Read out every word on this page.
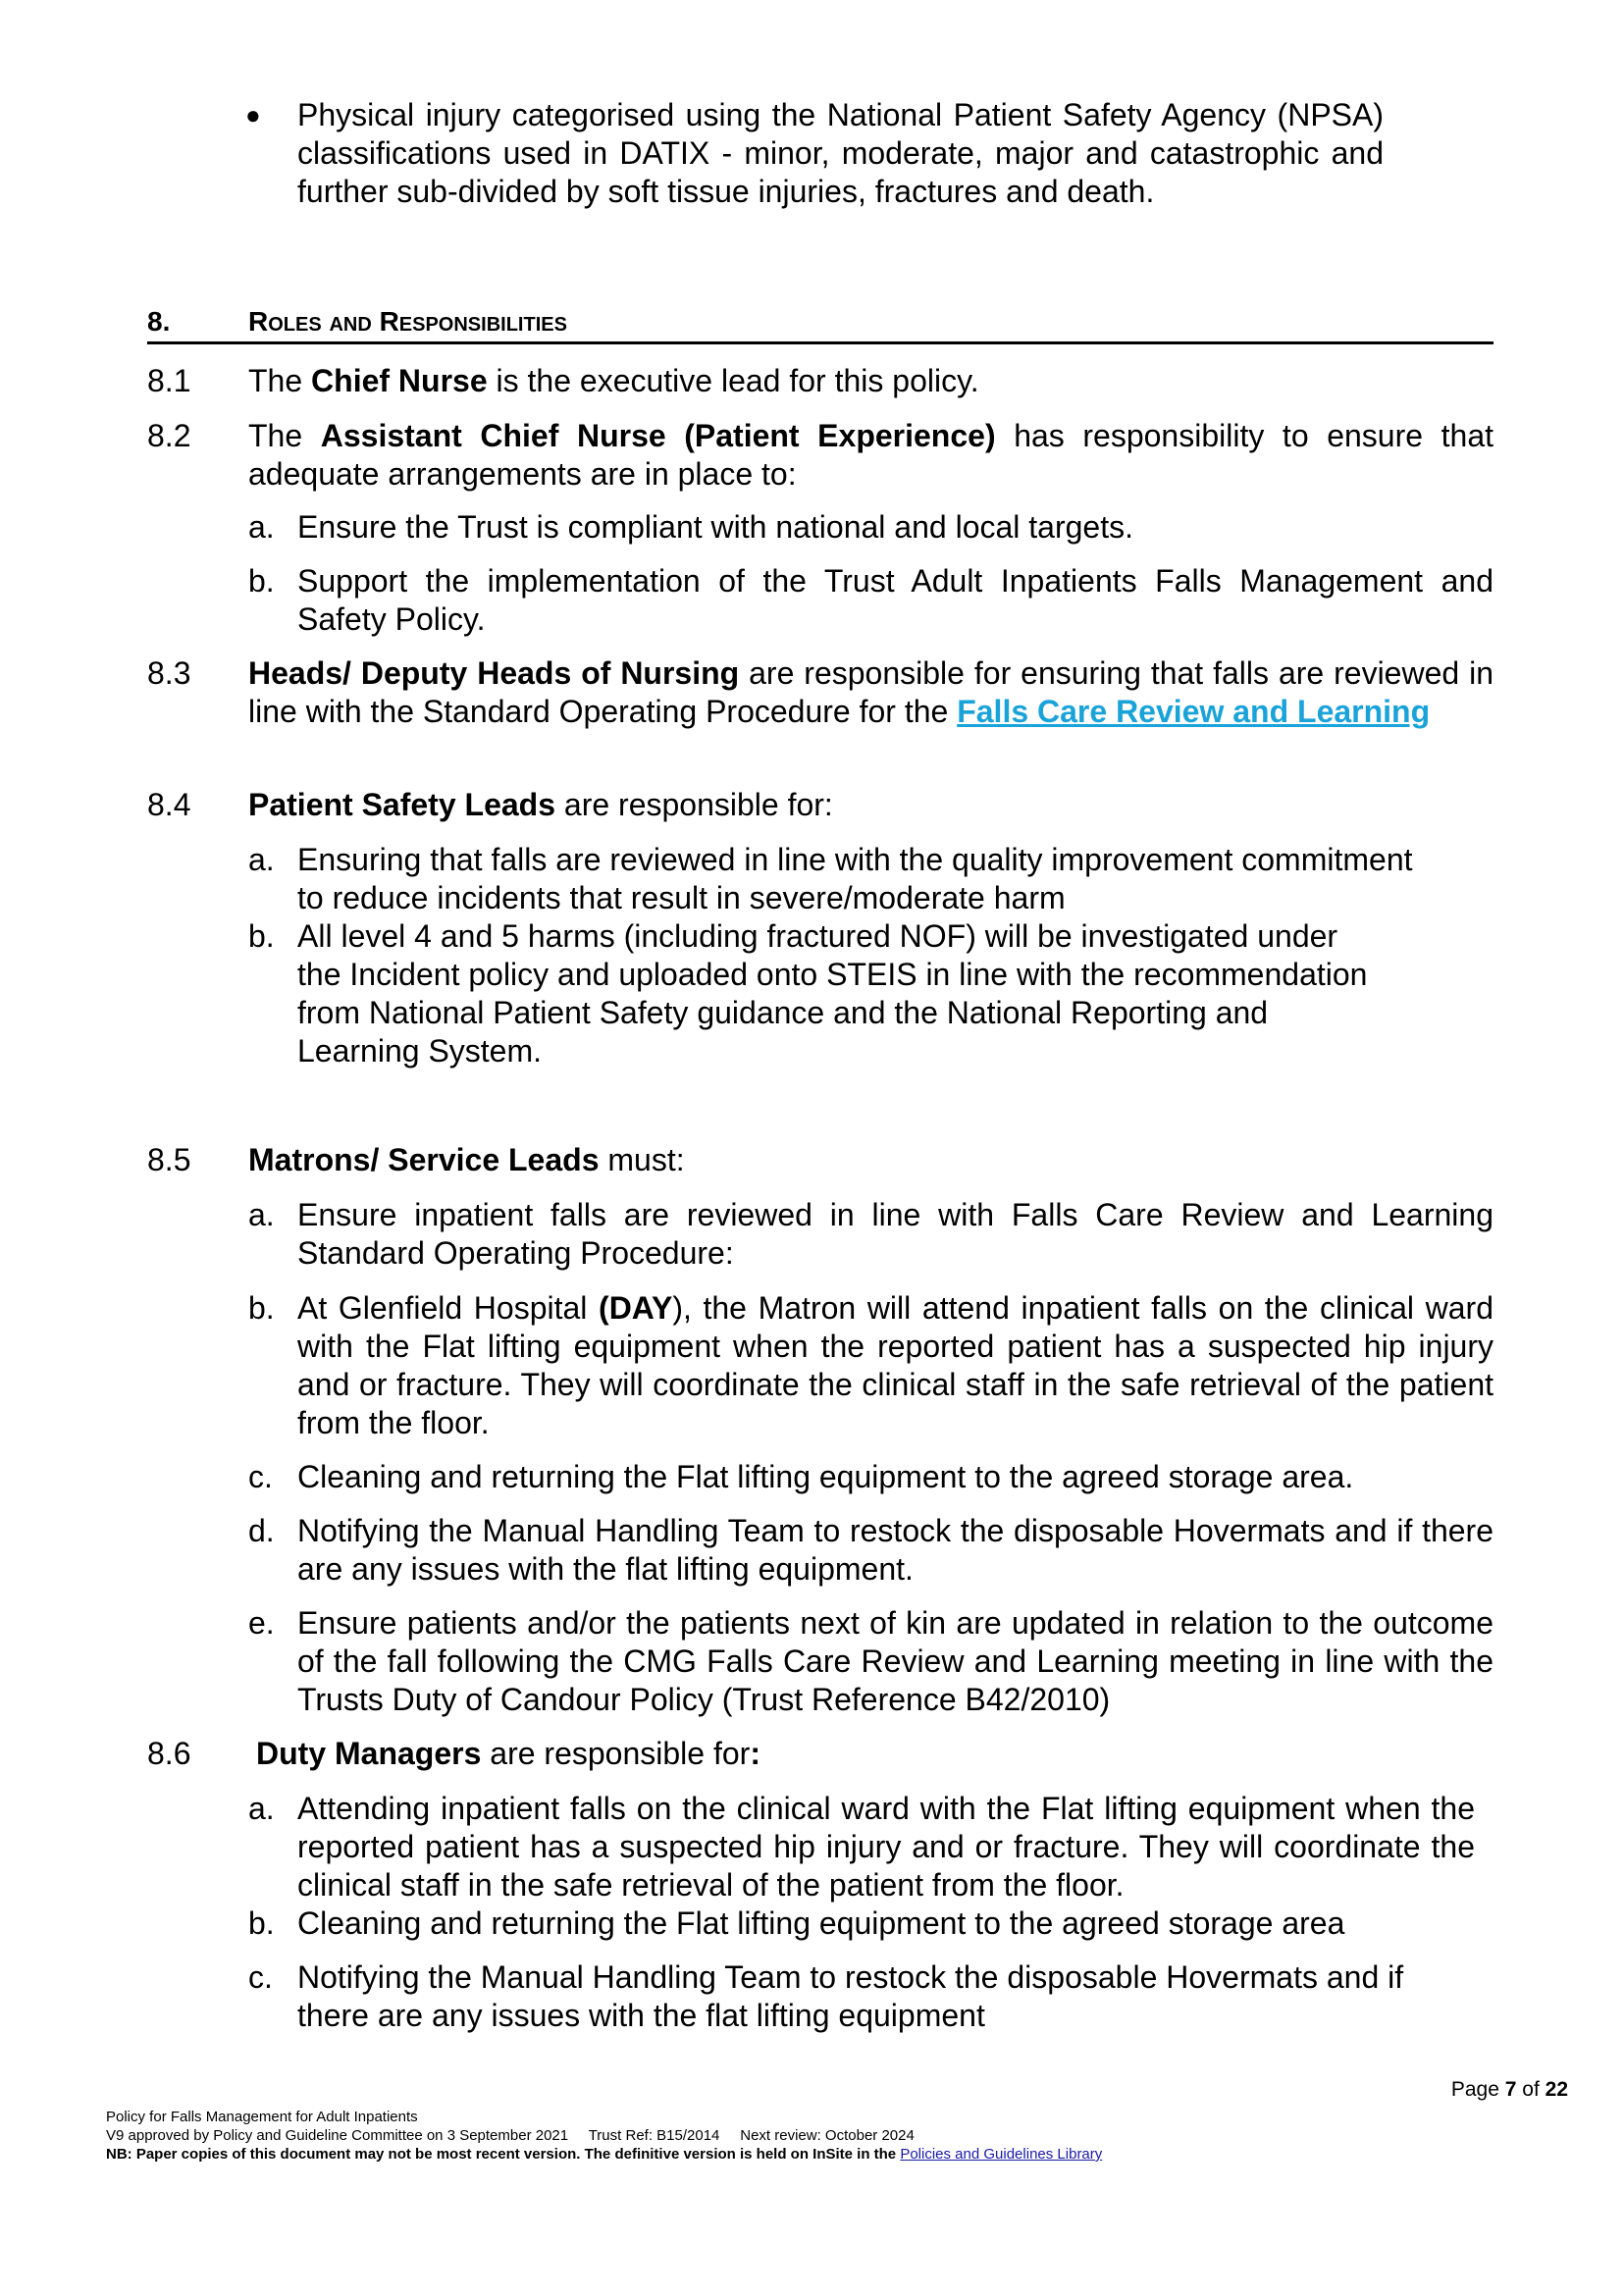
●	Physical injury categorised using the National Patient Safety Agency (NPSA) classifications used in DATIX - minor, moderate, major and catastrophic and further sub-divided by soft tissue injuries, fractures and death.
8.	Roles and Responsibilities
8.1	The Chief Nurse is the executive lead for this policy.
8.2	The Assistant Chief Nurse (Patient Experience) has responsibility to ensure that adequate arrangements are in place to:
a. Ensure the Trust is compliant with national and local targets.
b. Support the implementation of the Trust Adult Inpatients Falls Management and Safety Policy.
8.3	Heads/ Deputy Heads of Nursing are responsible for ensuring that falls are reviewed in line with the Standard Operating Procedure for the Falls Care Review and Learning
8.4	Patient Safety Leads are responsible for:
a. Ensuring that falls are reviewed in line with the quality improvement commitment
to reduce incidents that result in severe/moderate harm
b. All level 4 and 5 harms (including fractured NOF) will be investigated under
the Incident policy and uploaded onto STEIS in line with the recommendation
from National Patient Safety guidance and the National Reporting and
Learning System.
8.5	Matrons/ Service Leads must:
a. Ensure inpatient falls are reviewed in line with Falls Care Review and Learning Standard Operating Procedure:
b. At Glenfield Hospital (DAY), the Matron will attend inpatient falls on the clinical ward with the Flat lifting equipment when the reported patient has a suspected hip injury and or fracture. They will coordinate the clinical staff in the safe retrieval of the patient from the floor.
c. Cleaning and returning the Flat lifting equipment to the agreed storage area.
d. Notifying the Manual Handling Team to restock the disposable Hovermats and if there are any issues with the flat lifting equipment.
e. Ensure patients and/or the patients next of kin are updated in relation to the outcome of the fall following the CMG Falls Care Review and Learning meeting in line with the Trusts Duty of Candour Policy (Trust Reference B42/2010)
8.6	Duty Managers are responsible for:
a. Attending inpatient falls on the clinical ward with the Flat lifting equipment when the reported patient has a suspected hip injury and or fracture. They will coordinate the clinical staff in the safe retrieval of the patient from the floor.
b. Cleaning and returning the Flat lifting equipment to the agreed storage area
c. Notifying the Manual Handling Team to restock the disposable Hovermats and if there are any issues with the flat lifting equipment
Page 7 of 22
Policy for Falls Management for Adult Inpatients
V9 approved by Policy and Guideline Committee on 3 September 2021 Trust Ref: B15/2014 Next review: October 2024
NB: Paper copies of this document may not be most recent version. The definitive version is held on InSite in the Policies and Guidelines Library
